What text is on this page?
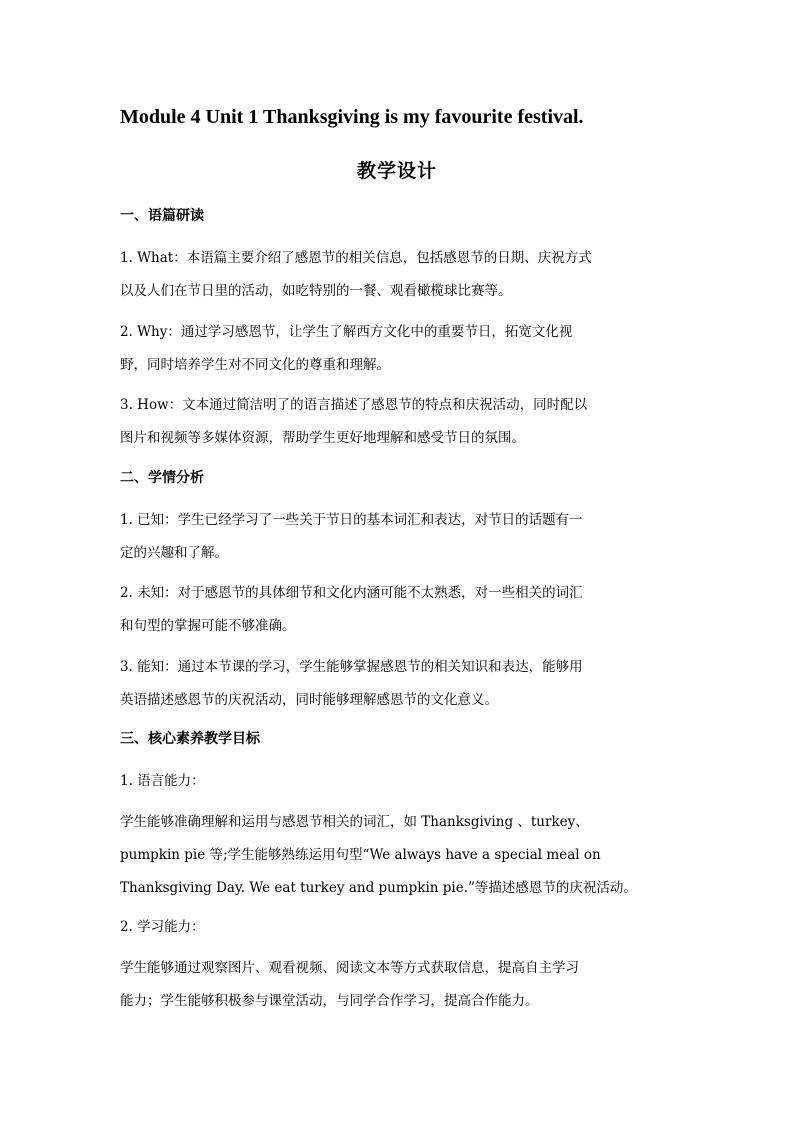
Module 4 Unit 1 Thanksgiving is my favourite festival.
教学设计
一、语篇研读
1. What：本语篇主要介绍了感恩节的相关信息，包括感恩节的日期、庆祝方式
以及人们在节日里的活动，如吃特别的一餐、观看橄榄球比赛等。
2. Why：通过学习感恩节，让学生了解西方文化中的重要节日，拓宽文化视
野，同时培养学生对不同文化的尊重和理解。
3. How：文本通过简洁明了的语言描述了感恩节的特点和庆祝活动，同时配以
图片和视频等多媒体资源，帮助学生更好地理解和感受节日的氛围。
二、学情分析
1. 已知：学生已经学习了一些关于节日的基本词汇和表达，对节日的话题有一
定的兴趣和了解。
2. 未知：对于感恩节的具体细节和文化内涵可能不太熟悉，对一些相关的词汇
和句型的掌握可能不够准确。
3. 能知：通过本节课的学习，学生能够掌握感恩节的相关知识和表达，能够用
英语描述感恩节的庆祝活动，同时能够理解感恩节的文化意义。
三、核心素养教学目标
1. 语言能力：
学生能够准确理解和运用与感恩节相关的词汇，如 Thanksgiving 、turkey、
pumpkin pie 等;学生能够熟练运用句型“We always have a special meal on
Thanksgiving Day. We eat turkey and pumpkin pie.”等描述感恩节的庆祝活动。
2. 学习能力：
学生能够通过观察图片、观看视频、阅读文本等方式获取信息，提高自主学习
能力；学生能够积极参与课堂活动，与同学合作学习，提高合作能力。
